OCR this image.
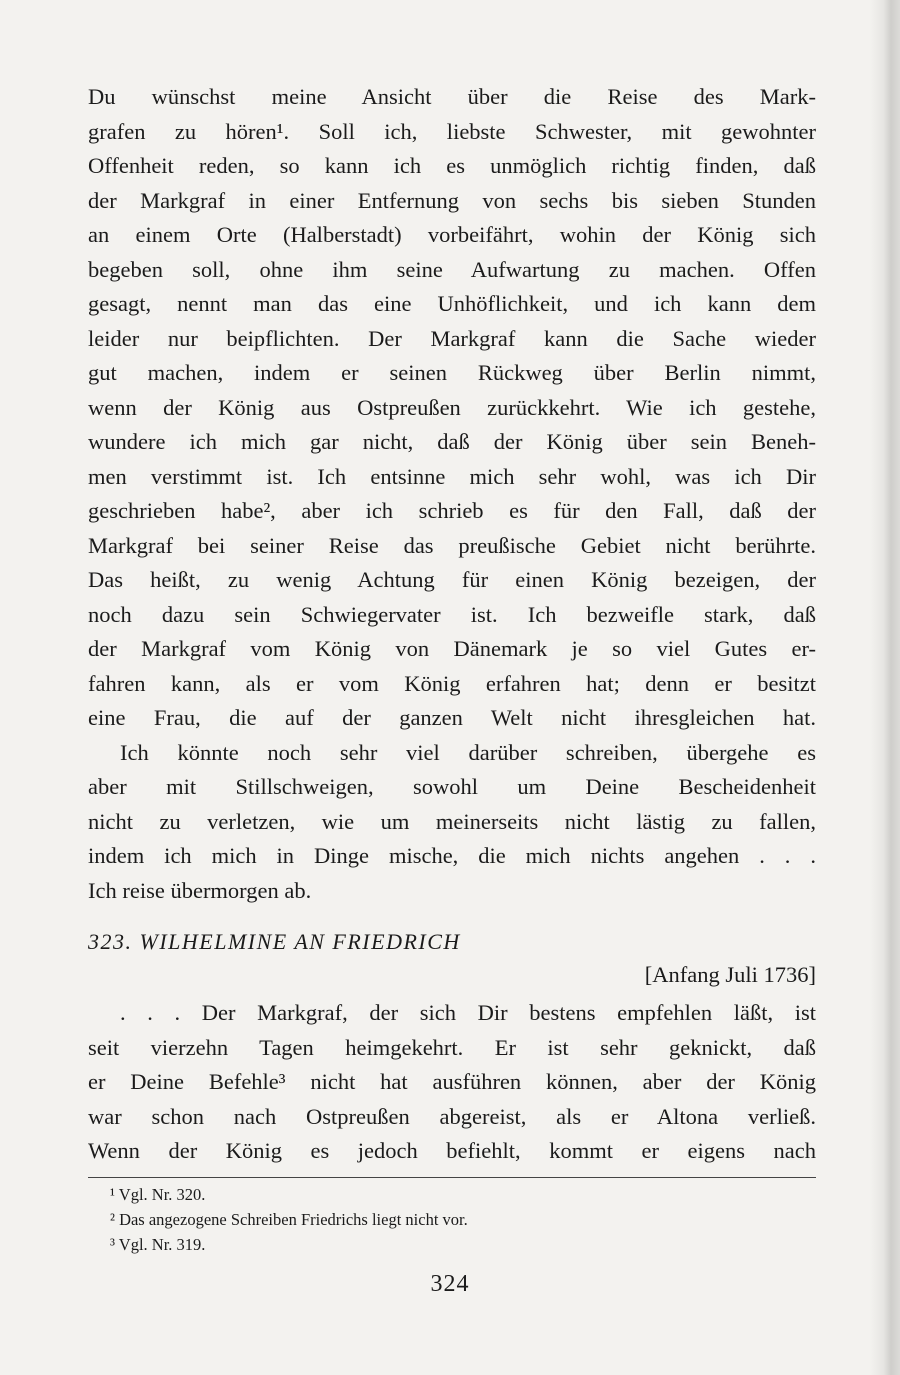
Du wünschst meine Ansicht über die Reise des Mark-
grafen zu hören¹. Soll ich, liebste Schwester, mit gewohnter
Offenheit reden, so kann ich es unmöglich richtig finden, daß
der Markgraf in einer Entfernung von sechs bis sieben Stunden
an einem Orte (Halberstadt) vorbeifährt, wohin der König sich
begeben soll, ohne ihm seine Aufwartung zu machen. Offen
gesagt, nennt man das eine Unhöflichkeit, und ich kann dem
leider nur beipflichten. Der Markgraf kann die Sache wieder
gut machen, indem er seinen Rückweg über Berlin nimmt,
wenn der König aus Ostpreußen zurückkehrt. Wie ich gestehe,
wundere ich mich gar nicht, daß der König über sein Beneh-
men verstimmt ist. Ich entsinne mich sehr wohl, was ich Dir
geschrieben habe², aber ich schrieb es für den Fall, daß der
Markgraf bei seiner Reise das preußische Gebiet nicht berührte.
Das heißt, zu wenig Achtung für einen König bezeigen, der
noch dazu sein Schwiegervater ist. Ich bezweifle stark, daß
der Markgraf vom König von Dänemark je so viel Gutes er-
fahren kann, als er vom König erfahren hat; denn er besitzt
eine Frau, die auf der ganzen Welt nicht ihresgleichen hat.
Ich könnte noch sehr viel darüber schreiben, übergehe es
aber mit Stillschweigen, sowohl um Deine Bescheidenheit
nicht zu verletzen, wie um meinerseits nicht lästig zu fallen,
indem ich mich in Dinge mische, die mich nichts angehen . . .
Ich reise übermorgen ab.
323. WILHELMINE AN FRIEDRICH
[Anfang Juli 1736]
. . . Der Markgraf, der sich Dir bestens empfehlen läßt, ist
seit vierzehn Tagen heimgekehrt. Er ist sehr geknickt, daß
er Deine Befehle³ nicht hat ausführen können, aber der König
war schon nach Ostpreußen abgereist, als er Altona verließ.
Wenn der König es jedoch befiehlt, kommt er eigens nach
¹ Vgl. Nr. 320.
² Das angezogene Schreiben Friedrichs liegt nicht vor.
³ Vgl. Nr. 319.
324
